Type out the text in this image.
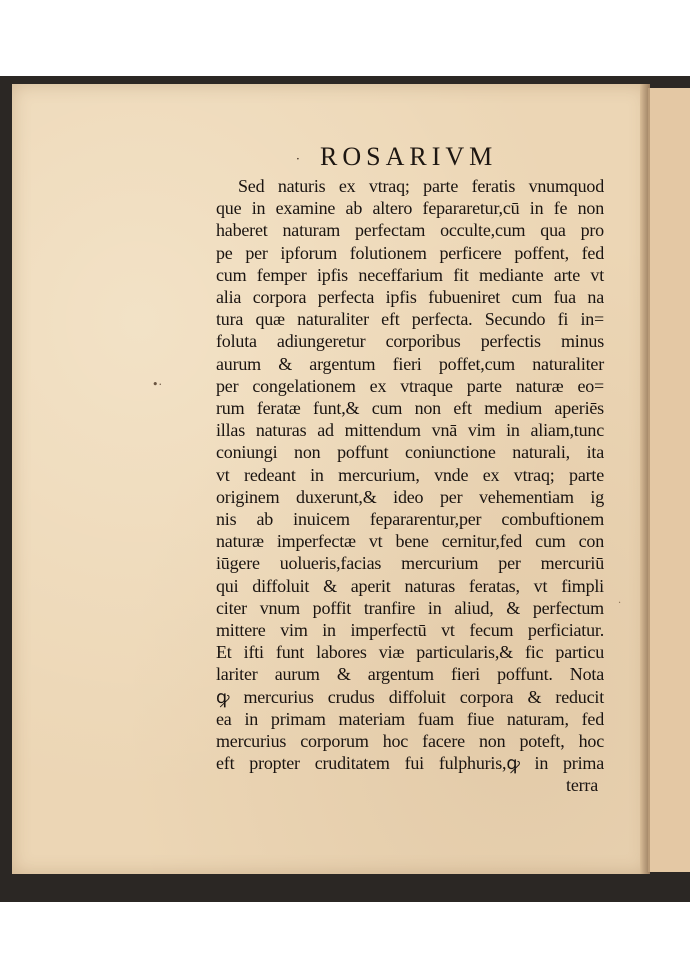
· ROSARIVM
Sed naturis ex vtraq; parte feratis vnumquod
que in examine ab altero fepararetur,cū in fe non
haberet naturam perfectam occulte,cum qua pro
pe per ipforum folutionem perficere poffent, fed
cum femper ipfis neceffarium fit mediante arte vt
alia corpora perfecta ipfis fubueniret cum fua na
tura quæ naturaliter eft perfecta. Secundo fi in=
foluta adiungeretur corporibus perfectis minus
aurum & argentum fieri poffet,cum naturaliter
per congelationem ex vtraque parte naturæ eo=
rum feratæ funt,& cum non eft medium aperiēs
illas naturas ad mittendum vnā vim in aliam,tunc
coniungi non poffunt coniunctione naturali, ita
vt redeant in mercurium, vnde ex vtraq; parte
originem duxerunt,& ideo per vehementiam ig
nis ab inuicem fepararentur,per combuftionem
naturæ imperfectæ vt bene cernitur,fed cum con
iūgere uolueris,facias mercurium per mercuriū
qui diffoluit & aperit naturas feratas, vt fimpli
citer vnum poffit tranfire in aliud, & perfectum
mittere vim in imperfectū vt fecum perficiatur.
Et ifti funt labores viæ particularis,& fic particu
lariter aurum & argentum fieri poffunt. Nota
ꝙ mercurius crudus diffoluit corpora & reducit
ea in primam materiam fuam fiue naturam, fed
mercurius corporum hoc facere non poteft, hoc
eft propter cruditatem fui fulphuris,ꝙ in prima
terra
•·
·
